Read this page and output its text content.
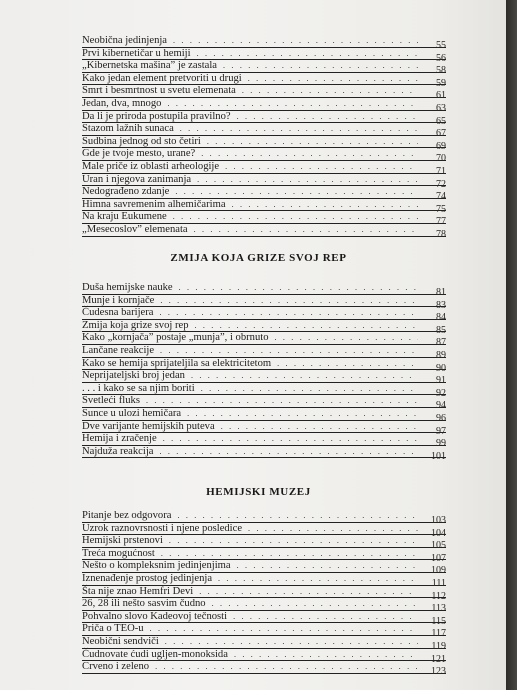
Neobična jedinjenja . . .	55
Prvi kibernetičar u hemiji . . .	56
„Kibernetska mašina” je zastala . . .	58
Kako jedan element pretvoriti u drugi . . .	59
Smrt i besmrtnost u svetu elemenata . . .	61
Jedan, dva, mnogo . . .	63
Da li je priroda postupila pravilno? . . .	65
Stazom lažnih sunaca . . .	67
Sudbina jednog od sto četiri . . .	69
Gde je tvoje mesto, urane? . . .	70
Male priče iz oblasti arheologije . . .	71
Uran i njegova zanimanja . . .	72
Nedograđeno zdanje . . .	74
Himna savremenim alhemičarima . . .	75
Na kraju Eukumene . . .	77
„Mesecoslov” elemenata . . .	78
ZMIJA KOJA GRIZE SVOJ REP
Duša hemijske nauke . . .	81
Munje i kornjače . . .	83
Čudesna barijera . . .	84
Zmija koja grize svoj rep . . .	85
Kako „kornjača” postaje „munja”, i obrnuto . . .	87
Lančane reakcije . . .	89
Kako se hemija sprijateljila sa elektricitetom . . .	90
Neprijateljski broj jedan . . .	91
. . . i kako se sa njim boriti . . .	92
Svetleći fluks . . .	94
Sunce u ulozi hemičara . . .	96
Dve varijante hemijskih puteva . . .	97
Hemija i zračenje . . .	99
Najduža reakcija . . .	101
HEMIJSKI MUZEJ
Pitanje bez odgovora . . .	103
Uzrok raznovrsnosti i njene posledice . . .	104
Hemijski prstenovi . . .	105
Treća mogućnost . . .	107
Nešto o kompleksnim jedinjenjima . . .	109
Iznenađenje prostog jedinjenja . . .	111
Šta nije znao Hemfri Devi . . .	112
26, 28 ili nešto sasvim čudno . . .	113
Pohvalno slovo Kadeovoj tečnosti . . .	115
Priča o TEO-u . . .	117
Neobični sendviči . . .	119
Čudnovate ćudi ugljen-monoksida . . .	121
Crveno i zeleno . . .	123
